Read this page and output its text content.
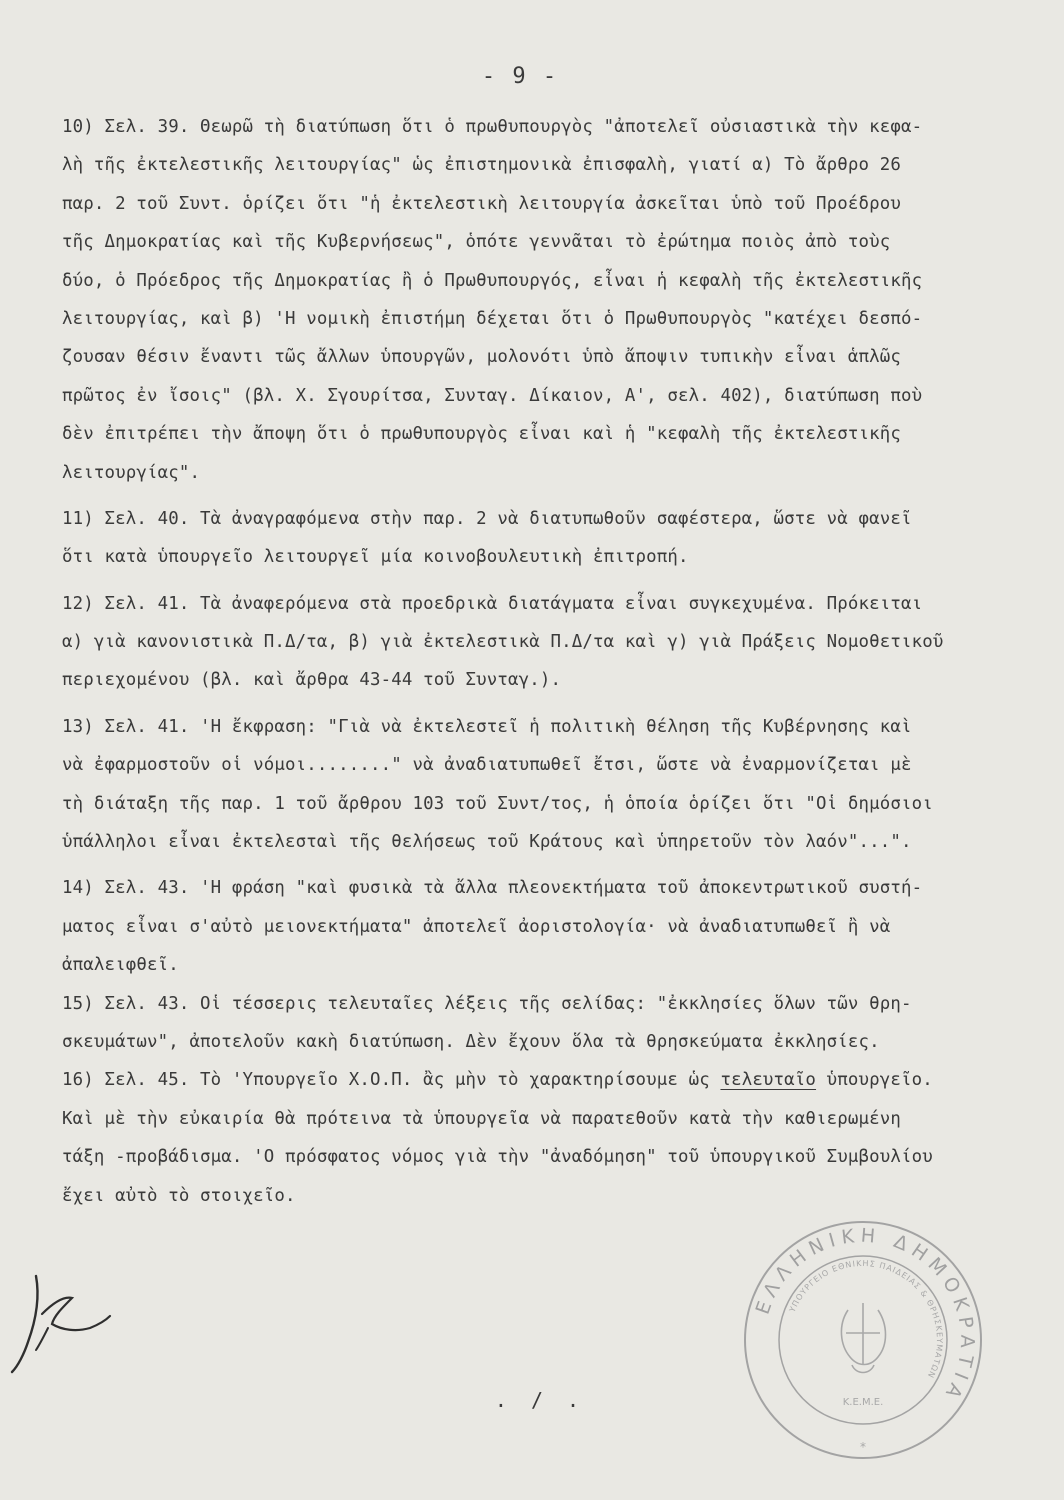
- 9 -
10) Σελ. 39. Θεωρῶ τὴ διατύπωση ὅτι ὁ πρωθυπουργὸς "ἀποτελεῖ οὐσιαστικὰ τὴν κεφα-
λὴ τῆς ἐκτελεστικῆς λειτουργίας" ὡς ἐπιστημονικὰ ἐπισφαλὴ, γιατί α) Τὸ ἄρθρο 26
παρ. 2 τοῦ Συντ. ὁρίζει ὅτι "ἡ ἐκτελεστικὴ λειτουργία ἀσκεῖται ὑπὸ τοῦ Προέδρου
τῆς Δημοκρατίας καὶ τῆς Κυβερνήσεως", ὁπότε γεννᾶται τὸ ἐρώτημα ποιὸς ἀπὸ τοὺς
δύο, ὁ Πρόεδρος τῆς Δημοκρατίας ἢ ὁ Πρωθυπουργός, εἶναι ἡ κεφαλὴ τῆς ἐκτελεστικῆς
λειτουργίας, καὶ β) 'Η νομικὴ ἐπιστήμη δέχεται ὅτι ὁ Πρωθυπουργὸς "κατέχει δεσπό-
ζουσαν θέσιν ἔναντι τῶς ἄλλων ὑπουργῶν, μολονότι ὑπὸ ἄποψιν τυπικὴν εἶναι ἁπλῶς
πρῶτος ἐν ἴσοις" (βλ. Χ. Σγουρίτσα, Συνταγ. Δίκαιον, Α', σελ. 402), διατύπωση ποὺ
δὲν ἐπιτρέπει τὴν ἄποψη ὅτι ὁ πρωθυπουργὸς εἶναι καὶ ἡ "κεφαλὴ τῆς ἐκτελεστικῆς
λειτουργίας".
11) Σελ. 40. Τὰ ἀναγραφόμενα στὴν παρ. 2 νὰ διατυπωθοῦν σαφέστερα, ὥστε νὰ φανεῖ
ὅτι κατὰ ὑπουργεῖο λειτουργεῖ μία κοινοβουλευτικὴ ἐπιτροπή.
12) Σελ. 41. Τὰ ἀναφερόμενα στὰ προεδρικὰ διατάγματα εἶναι συγκεχυμένα. Πρόκειται
α) γιὰ κανονιστικὰ Π.Δ/τα, β) γιὰ ἐκτελεστικὰ Π.Δ/τα καὶ γ) γιὰ Πράξεις Νομοθετικοῦ
περιεχομένου (βλ. καὶ ἄρθρα 43-44 τοῦ Συνταγ.).
13) Σελ. 41. 'Η ἔκφραση: "Γιὰ νὰ ἐκτελεστεῖ ἡ πολιτικὴ θέληση τῆς Κυβέρνησης καὶ
νὰ ἐφαρμοστοῦν οἱ νόμοι........" νὰ ἀναδιατυπωθεῖ ἔτσι, ὥστε νὰ ἐναρμονίζεται μὲ
τὴ διάταξη τῆς παρ. 1 τοῦ ἄρθρου 103 τοῦ Συντ/τος, ἡ ὁποία ὁρίζει ὅτι "Οἱ δημόσιοι
ὑπάλληλοι εἶναι ἐκτελεσταὶ τῆς θελήσεως τοῦ Κράτους καὶ ὑπηρετοῦν τὸν λαόν"...".
14) Σελ. 43. 'Η φράση "καὶ φυσικὰ τὰ ἄλλα πλεονεκτήματα τοῦ ἀποκεντρωτικοῦ συστή-
ματος εἶναι σ'αὐτὸ μειονεκτήματα" ἀποτελεῖ ἀοριστολογία· νὰ ἀναδιατυπωθεῖ ἢ νὰ
ἀπαλειφθεῖ.
15) Σελ. 43. Οἱ τέσσερις τελευταῖες λέξεις τῆς σελίδας: "ἐκκλησίες ὅλων τῶν θρη-
σκευμάτων", ἀποτελοῦν κακὴ διατύπωση. Δὲν ἔχουν ὅλα τὰ θρησκεύματα ἐκκλησίες.
16) Σελ. 45. Τὸ 'Υπουργεῖο Χ.Ο.Π. ἂς μὴν τὸ χαρακτηρίσουμε ὡς τελευταῖο ὑπουργεῖο.
Καὶ μὲ τὴν εὐκαιρία θὰ πρότεινα τὰ ὑπουργεῖα νὰ παρατεθοῦν κατὰ τὴν καθιερωμένη
τάξη -προβάδισμα. 'Ο πρόσφατος νόμος γιὰ τὴν "ἀναδόμηση" τοῦ ὑπουργικοῦ Συμβουλίου
ἔχει αὐτὸ τὸ στοιχεῖο.
ΕΛΛΗΝΙΚΗ ΔΗΜΟΚΡΑΤΙΑ
ΥΠΟΥΡΓΕΙΟ ΕΘΝΙΚΗΣ ΠΑΙΔΕΙΑΣ & ΘΡΗΣΚΕΥΜΑΤΩΝ
Κ.Ε.Μ.Ε.
*
. / .
